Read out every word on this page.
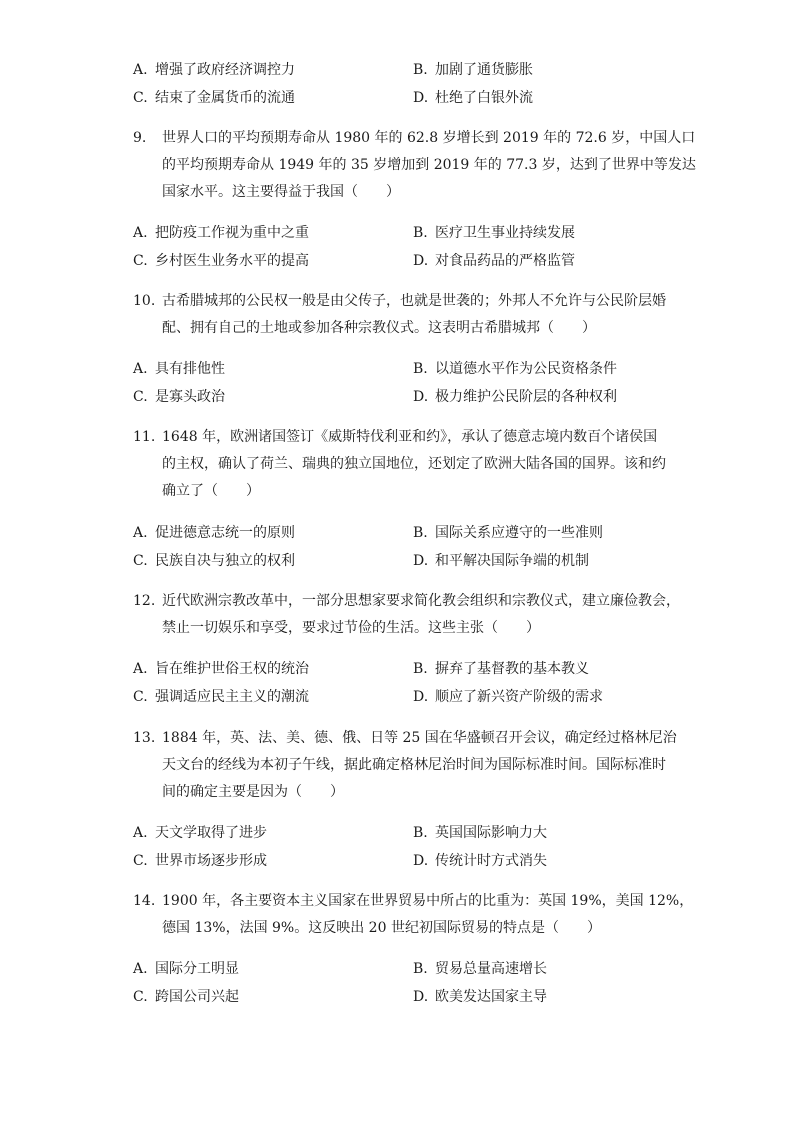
A. 增强了政府经济调控力	B. 加剧了通货膨胀
C. 结束了金属货币的流通	D. 杜绝了白银外流
9. 世界人口的平均预期寿命从 1980 年的 62.8 岁增长到 2019 年的 72.6 岁，中国人口
的平均预期寿命从 1949 年的 35 岁增加到 2019 年的 77.3 岁，达到了世界中等发达
国家水平。这主要得益于我国（　　）
A. 把防疫工作视为重中之重	B. 医疗卫生事业持续发展
C. 乡村医生业务水平的提高	D. 对食品药品的严格监管
10. 古希腊城邦的公民权一般是由父传子，也就是世袭的；外邦人不允许与公民阶层婚
配、拥有自己的土地或参加各种宗教仪式。这表明古希腊城邦（　　）
A. 具有排他性	B. 以道德水平作为公民资格条件
C. 是寡头政治	D. 极力维护公民阶层的各种权利
11. 1648 年，欧洲诸国签订《威斯特伐利亚和约》，承认了德意志境内数百个诸侯国
的主权，确认了荷兰、瑞典的独立国地位，还划定了欧洲大陆各国的国界。该和约
确立了（　　）
A. 促进德意志统一的原则	B. 国际关系应遵守的一些准则
C. 民族自决与独立的权利	D. 和平解决国际争端的机制
12. 近代欧洲宗教改革中，一部分思想家要求简化教会组织和宗教仪式，建立廉俭教会，
禁止一切娱乐和享受，要求过节俭的生活。这些主张（　　）
A. 旨在维护世俗王权的统治	B. 摒弃了基督教的基本教义
C. 强调适应民主主义的潮流	D. 顺应了新兴资产阶级的需求
13. 1884 年，英、法、美、德、俄、日等 25 国在华盛顿召开会议，确定经过格林尼治
天文台的经线为本初子午线，据此确定格林尼治时间为国际标准时间。国际标准时
间的确定主要是因为（　　）
A. 天文学取得了进步	B. 英国国际影响力大
C. 世界市场逐步形成	D. 传统计时方式消失
14. 1900 年，各主要资本主义国家在世界贸易中所占的比重为：英国 19%，美国 12%，
德国 13%，法国 9%。这反映出 20 世纪初国际贸易的特点是（　　）
A. 国际分工明显	B. 贸易总量高速增长
C. 跨国公司兴起	D. 欧美发达国家主导
